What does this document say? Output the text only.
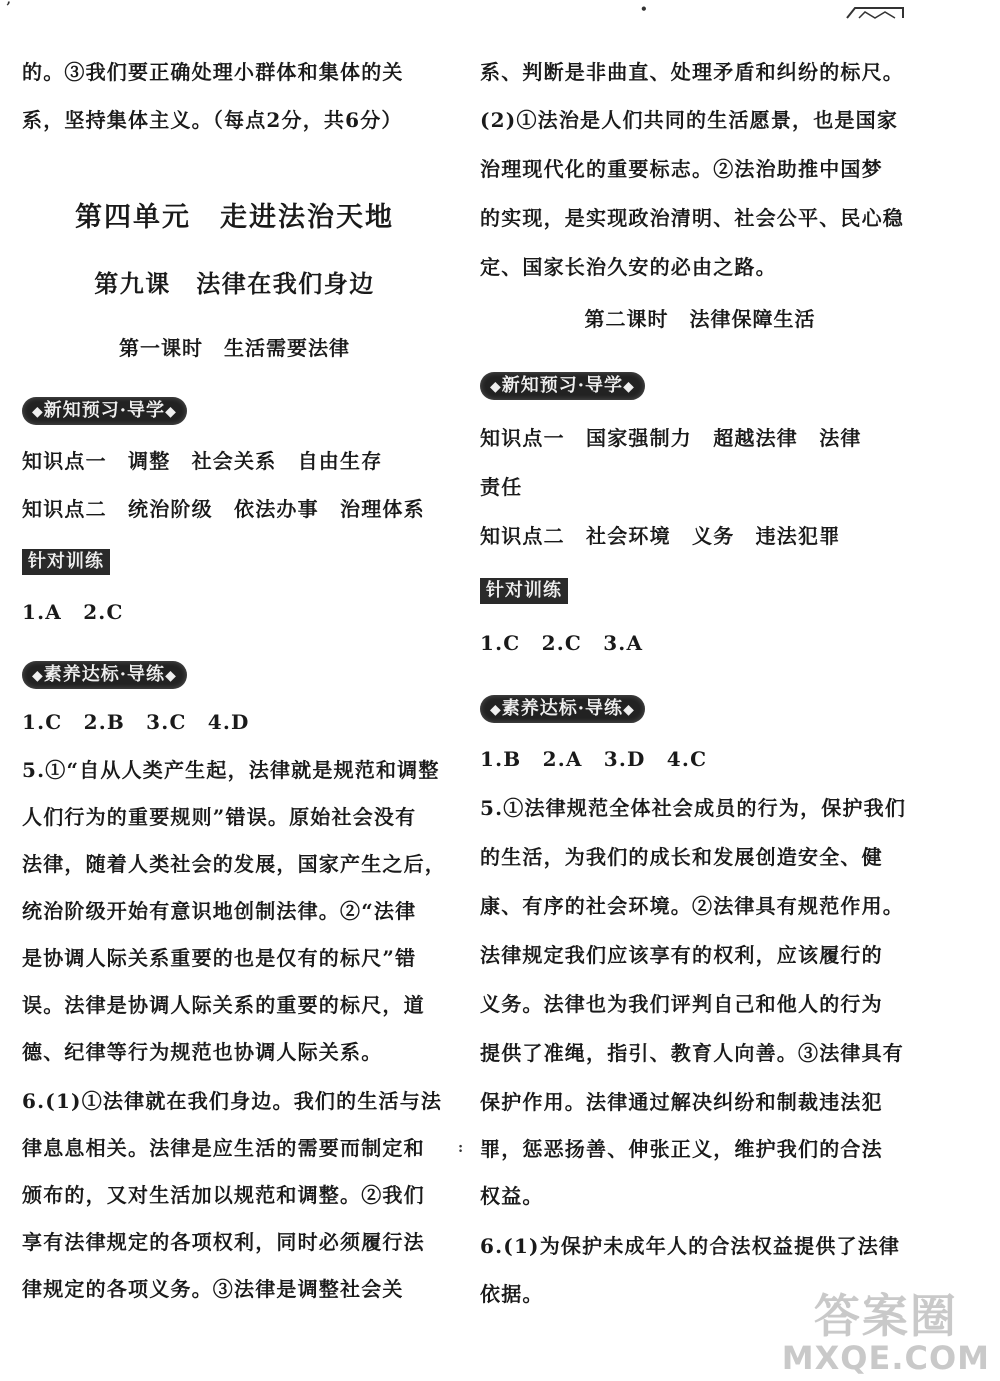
的。③我们要正确处理小群体和集体的关
系，坚持集体主义。（每点2分，共6分）
第四单元　走进法治天地
第九课　法律在我们身边
第一课时　生活需要法律
◆新知预习·导学◆
知识点一　调整　社会关系　自由生存
知识点二　统治阶级　依法办事　治理体系
针对训练
1.A　2.C
◆素养达标·导练◆
1.C　2.B　3.C　4.D
5.①“自从人类产生起，法律就是规范和调整
人们行为的重要规则”错误。原始社会没有
法律，随着人类社会的发展，国家产生之后，
统治阶级开始有意识地创制法律。②“法律
是协调人际关系重要的也是仅有的标尺”错
误。法律是协调人际关系的重要的标尺，道
德、纪律等行为规范也协调人际关系。
6.(1)①法律就在我们身边。我们的生活与法
律息息相关。法律是应生活的需要而制定和
颁布的，又对生活加以规范和调整。②我们
享有法律规定的各项权利，同时必须履行法
律规定的各项义务。③法律是调整社会关
系、判断是非曲直、处理矛盾和纠纷的标尺。
(2)①法治是人们共同的生活愿景，也是国家
治理现代化的重要标志。②法治助推中国梦
的实现，是实现政治清明、社会公平、民心稳
定、国家长治久安的必由之路。
第二课时　法律保障生活
◆新知预习·导学◆
知识点一　国家强制力　超越法律　法律
责任
知识点二　社会环境　义务　违法犯罪
针对训练
1.C　2.C　3.A
◆素养达标·导练◆
1.B　2.A　3.D　4.C
5.①法律规范全体社会成员的行为，保护我们
的生活，为我们的成长和发展创造安全、健
康、有序的社会环境。②法律具有规范作用。
法律规定我们应该享有的权利，应该履行的
义务。法律也为我们评判自己和他人的行为
提供了准绳，指引、教育人向善。③法律具有
保护作用。法律通过解决纠纷和制裁违法犯
罪，惩恶扬善、伸张正义，维护我们的合法
权益。
6.(1)为保护未成年人的合法权益提供了法律
依据。
’	•
:
答案圈
MXQE.COM
